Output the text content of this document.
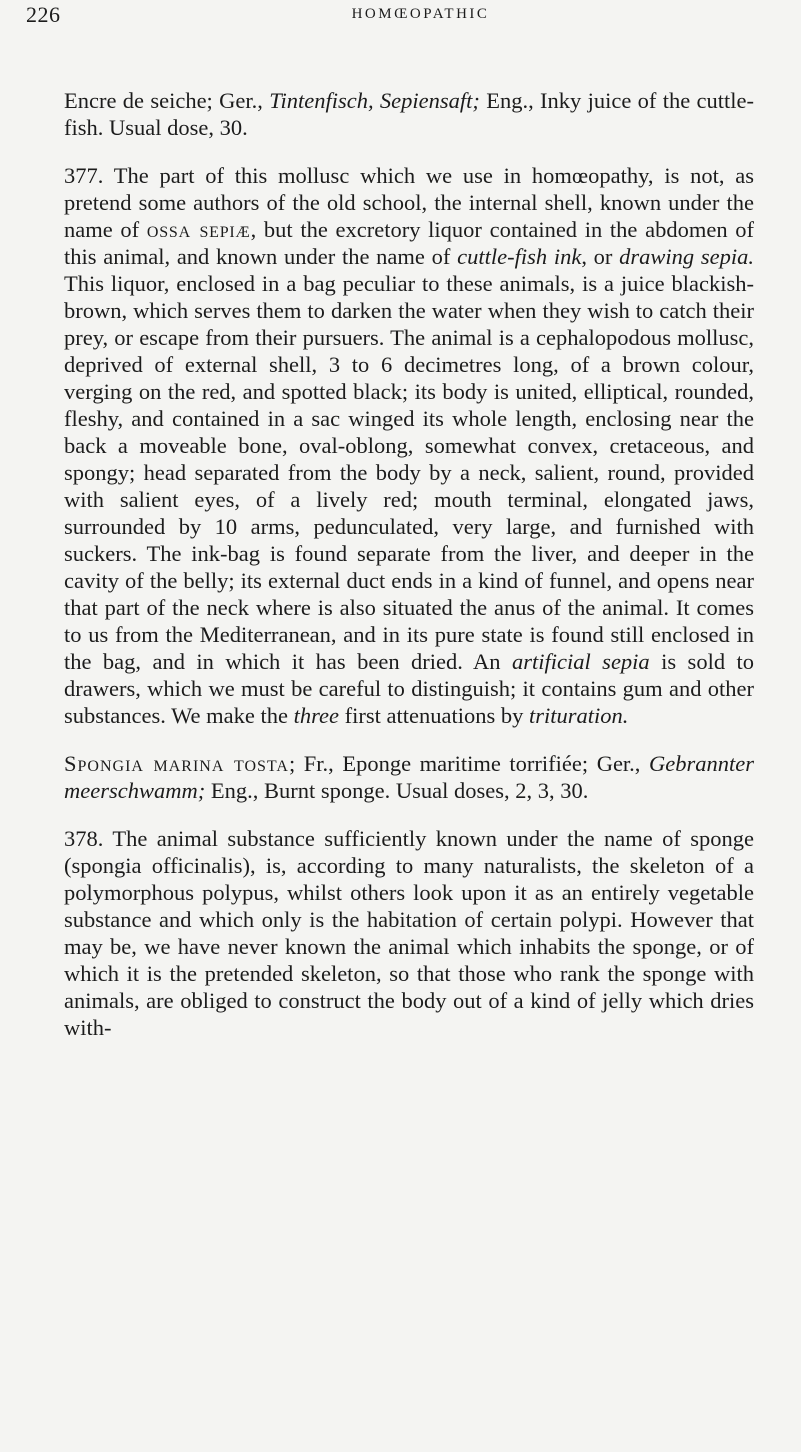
226	HOMŒOPATHIC

Encre de seiche; Ger., Tintenfisch, Sepiensaft; Eng., Inky juice of the cuttle-fish. Usual dose, 30.

377. The part of this mollusc which we use in homœopathy, is not, as pretend some authors of the old school, the internal shell, known under the name of ossa sepiæ, but the excretory liquor contained in the abdomen of this animal, and known under the name of cuttle-fish ink, or drawing sepia. This liquor, enclosed in a bag peculiar to these animals, is a juice blackish-brown, which serves them to darken the water when they wish to catch their prey, or escape from their pursuers. The animal is a cephalopodous mollusc, deprived of external shell, 3 to 6 decimetres long, of a brown colour, verging on the red, and spotted black; its body is united, elliptical, rounded, fleshy, and contained in a sac winged its whole length, enclosing near the back a moveable bone, oval-oblong, somewhat convex, cretaceous, and spongy; head separated from the body by a neck, salient, round, provided with salient eyes, of a lively red; mouth terminal, elongated jaws, surrounded by 10 arms, pedunculated, very large, and furnished with suckers. The ink-bag is found separate from the liver, and deeper in the cavity of the belly; its external duct ends in a kind of funnel, and opens near that part of the neck where is also situated the anus of the animal. It comes to us from the Mediterranean, and in its pure state is found still enclosed in the bag, and in which it has been dried. An artificial sepia is sold to drawers, which we must be careful to distinguish; it contains gum and other substances. We make the three first attenuations by trituration.

Spongia marina tosta; Fr., Eponge maritime torrifiée; Ger., Gebrannter meerschwamm; Eng., Burnt sponge. Usual doses, 2, 3, 30.

378. The animal substance sufficiently known under the name of sponge (spongia officinalis), is, according to many naturalists, the skeleton of a polymorphous polypus, whilst others look upon it as an entirely vegetable substance and which only is the habitation of certain polypi. However that may be, we have never known the animal which inhabits the sponge, or of which it is the pretended skeleton, so that those who rank the sponge with animals, are obliged to construct the body out of a kind of jelly which dries with-
